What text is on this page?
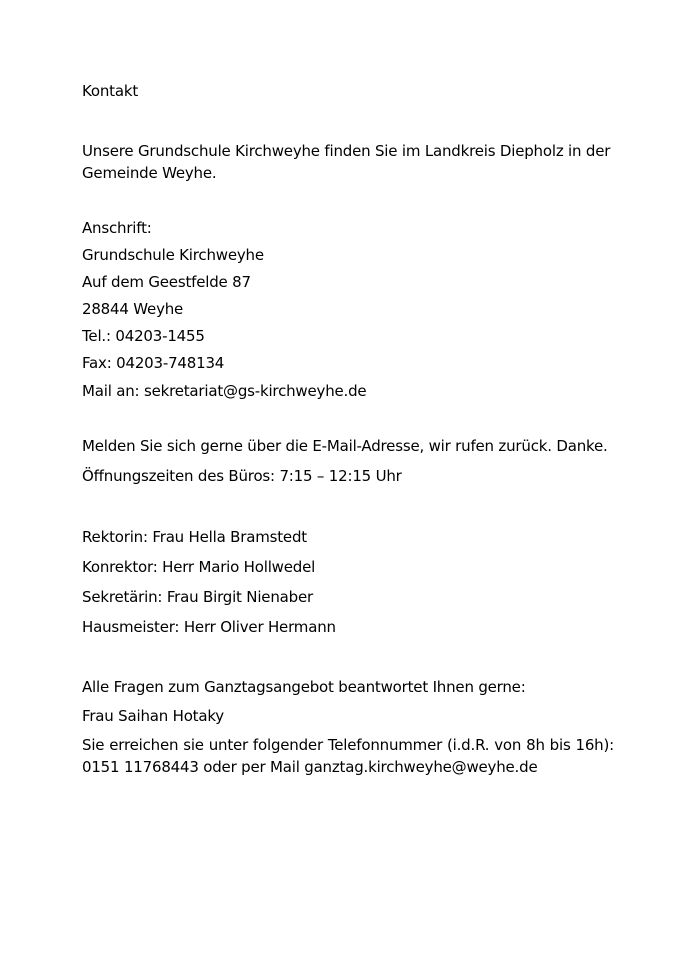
Kontakt
Unsere Grundschule Kirchweyhe finden Sie im Landkreis Diepholz in der Gemeinde Weyhe.
Anschrift:
Grundschule Kirchweyhe
Auf dem Geestfelde 87
28844 Weyhe
Tel.: 04203-1455
Fax: 04203-748134
Mail an: sekretariat@gs-kirchweyhe.de
Melden Sie sich gerne über die E-Mail-Adresse, wir rufen zurück. Danke.
Öffnungszeiten des Büros: 7:15 – 12:15 Uhr
Rektorin: Frau Hella Bramstedt
Konrektor: Herr Mario Hollwedel
Sekretärin: Frau Birgit Nienaber
Hausmeister: Herr Oliver Hermann
Alle Fragen zum Ganztagsangebot beantwortet Ihnen gerne:
Frau Saihan Hotaky
Sie erreichen sie unter folgender Telefonnummer (i.d.R. von 8h bis 16h): 0151 11768443 oder per Mail ganztag.kirchweyhe@weyhe.de
